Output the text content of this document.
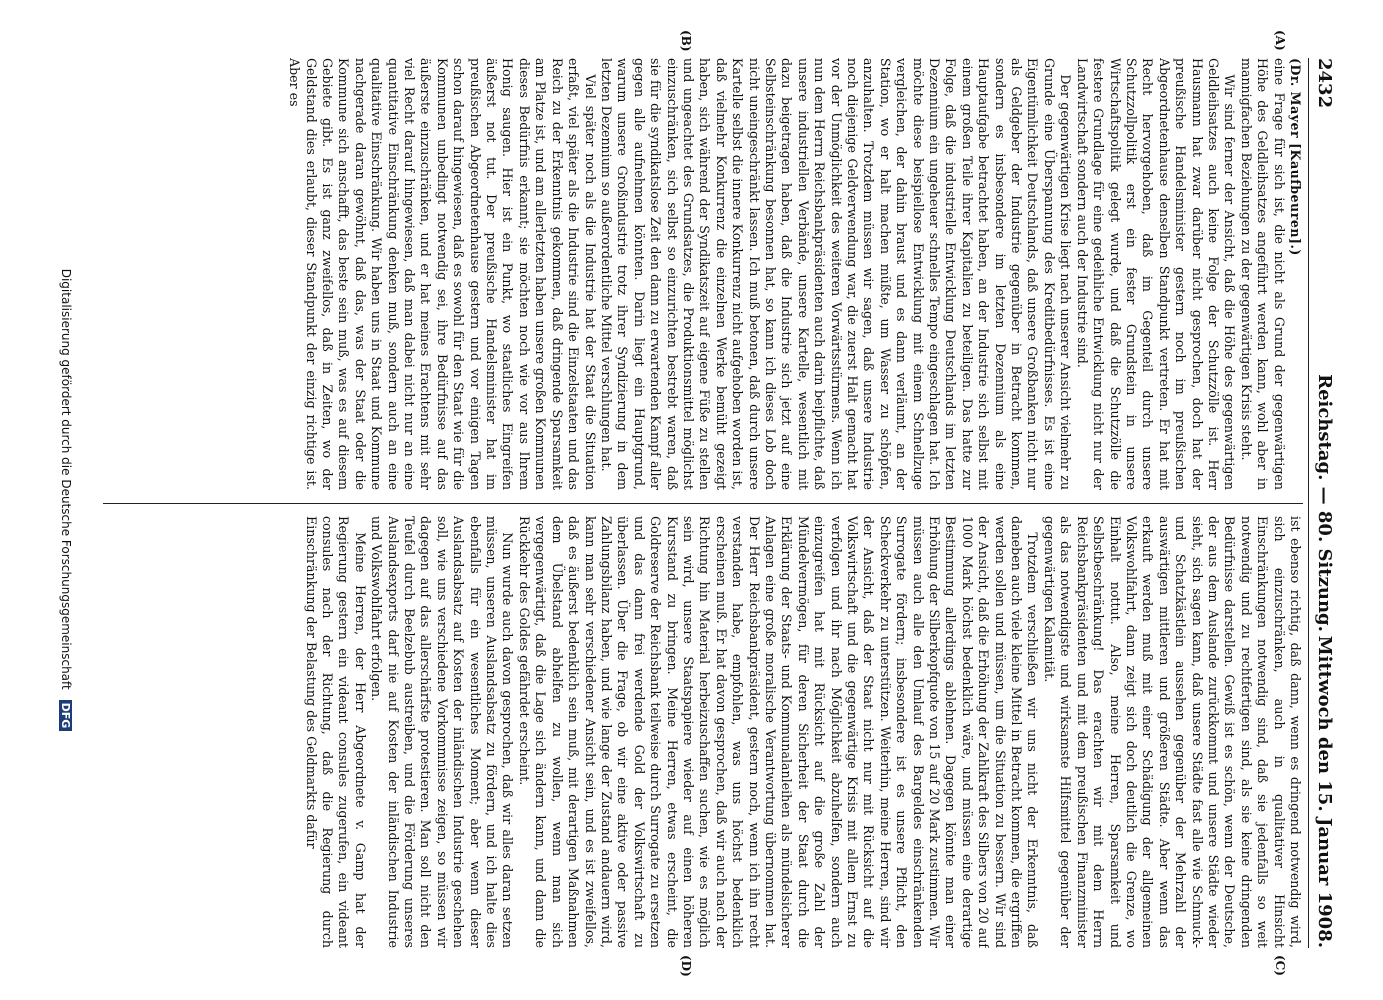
2432
Reichstag. — 80. Sitzung.
Mittwoch den 15. Januar 1908.
(A)
(B)
(C)
(D)

(Dr. Mayer [Kaufbeuren].)

eine Frage für sich ist, die nicht als Grund der gegenwärtigen Höhe des Geldleihsatzes angeführt werden kann, wohl aber in mannigfachen Beziehungen zu der gegenwärtigen Krisis steht.

Wir sind ferner der Ansicht, daß die Höhe des gegenwärtigen Geldleihsatzes auch keine Folge der Schutzzölle ist. Herr Hausmann hat zwar darüber nicht gesprochen, doch hat der preußische Handelsminister gestern noch im preußischen Abgeordnetenhause denselben Standpunkt vertreten. Er hat mit Recht hervorgehoben, daß im Gegenteil durch unsere Schutzzollpolitik erst ein fester Grundstein in unsere Wirtschaftspolitik gelegt wurde, und daß die Schutzzölle die festere Grundlage für eine gedeihliche Entwicklung nicht nur der Landwirtschaft sondern auch der Industrie sind.

Der gegenwärtigen Krise liegt nach unserer Ansicht vielmehr zu Grunde eine Überspannung des Kreditbedürfnisses. Es ist eine Eigentümlichkeit Deutschlands, daß unsere Großbanken nicht nur als Geldgeber der Industrie gegenüber in Betracht kommen, sondern es insbesondere im letzten Dezennium als eine Hauptaufgabe betrachtet haben, an der Industrie sich selbst mit einem großen Teile ihrer Kapitalien zu beteiligen. Das hatte zur Folge, daß die industrielle Entwicklung Deutschlands im letzten Dezennium ein ungeheuer schnelles Tempo eingeschlagen hat. Ich möchte diese beispiellose Entwicklung mit einem Schnellzuge vergleichen, der dahin braust und es dann verläumt, an der Station, wo er halt machen müßte, um Wasser zu schöpfen, anzuhalten. Trotzdem müssen wir sagen, daß unsere Industrie noch diejenige Geldverwendung war, die zuerst Halt gemacht hat vor der Unmöglichkeit des weiteren Vorwärtsstürmens. Wenn ich nun dem Herrn Reichsbankpräsidenten auch darin beipflichte, daß unsere industriellen Verbände, unsere Kartelle, wesentlich mit dazu beigetragen haben, daß die Industrie sich jetzt auf eine Selbsteinschränkung besonnen hat, so kann ich dieses Lob doch nicht uneingeschränkt lassen. Ich muß betonen, daß durch unsere Kartelle selbst die innere Konkurrenz nicht aufgehoben worden ist, daß vielmehr Konkurrenz die einzelnen Werke bemüht gezeigt haben, sich während der Syndikatszeit auf eigene Füße zu stellen und ungeachtet des Grundsatzes, die Produktionsmittel möglichst einzuschränken, sich selbst so einzurichten bestrebt waren, daß sie für die syndikatslose Zeit den dann zu erwartenden Kampf aller gegen alle aufnehmen könnten. Darin liegt ein Hauptgrund, warum unsere Großindustrie trotz ihrer Syndizierung in dem letzten Dezennium so außerordentliche Mittel verschlungen hat.

Viel später noch als die Industrie hat der Staat die Situation erfaßt, viel später als die Industrie sind die Einzelstaaten und das Reich zu der Erkenntnis gekommen, daß dringende Sparsamkeit am Platze ist, und am allerletzten haben unsere großen Kommunen dieses Bedürfnis erkannt; sie möchten noch wie vor aus Ihrem Honig saugen. Hier ist ein Punkt, wo staatliches Eingreifen äußerst not tut. Der preußische Handelsminister hat im preußischen Abgeordnetenhause gestern und vor einigen Tagen schon darauf hingewiesen, daß es sowohl für den Staat wie für die Kommunen unbedingt notwendig sei, ihre Bedürfnisse auf das äußerste einzuschränken, und er hat meines Erachtens mit sehr viel Recht darauf hingewiesen, daß man dabei nicht nur an eine quantitative Einschränkung denken muß, sondern auch an eine qualitative Einschränkung. Wir haben uns in Staat und Kommune nachgerade daran gewöhnt, daß das, was der Staat oder die Kommune sich anschafft, das beste sein muß, was es auf diesem Gebiete gibt. Es ist ganz zweifellos, daß in Zeiten, wo der Geldstand dies erlaubt, dieser Standpunkt der einzig richtige ist. Aber es

ist ebenso richtig, daß dann, wenn es dringend notwendig wird, sich einzuschränken, auch in qualitativer Hinsicht Einschränkungen notwendig sind, daß sie jedenfalls so weit notwendig und zu rechtfertigen sind, als sie keine dringenden Bedürfnisse darstellen. Gewiß ist es schön, wenn der Deutsche, der aus dem Auslande zurückkommt und unsere Städte wieder sieht, sich sagen kann, daß unsere Städte fast alle wie Schmuck- und Schatzkästlein aussehen gegenüber der Mehrzahl der auswärtigen mittleren und größeren Städte. Aber wenn das erkauft werden muß mit einer Schädigung der allgemeinen Volkswohlfahrt, dann zeigt sich doch deutlich die Grenze, wo Einhalt nottut. Also, meine Herren, Sparsamkeit und Selbstbeschränkung! Das erachten wir mit dem Herrn Reichsbankpräsidenten und mit dem preußischen Finanzminister als das notwendigste und wirksamste Hilfsmittel gegenüber der gegenwärtigen Kalamität.

Trotzdem verschließen wir uns nicht der Erkenntnis, daß daneben auch viele kleine Mittel in Betracht kommen, die ergriffen werden sollen und müssen, um die Situation zu bessern. Wir sind der Ansicht, daß die Erhöhung der Zahlkraft des Silbers von 20 auf 1000 Mark höchst bedenklich wäre, und müssen eine derartige Bestimmung allerdings ablehnen. Dagegen könnte man einer Erhöhung der Silberkopfquote von 15 auf 20 Mark zustimmen. Wir müssen auch alle den Umlauf des Bargeldes einschränkenden Surrogate fördern; insbesondere ist es unsere Pflicht, den Scheckverkehr zu unterstützen. Weiterhin, meine Herren, sind wir der Ansicht, daß der Staat nicht nur mit Rücksicht auf die Volkswirtschaft und die gegenwärtige Krisis mit allem Ernst zu verfolgen und ihr nach Möglichkeit abzuhelfen, sondern auch einzugreifen hat mit Rücksicht auf die große Zahl der Mündelvermögen, für deren Sicherheit der Staat durch die Erklärung der Staats- und Kommunalanleihen als mündelsicherer Anlagen eine große moralische Verantwortung übernommen hat. Der Herr Reichsbankpräsident, gestern noch, wenn ich ihn recht verstanden habe, empfohlen, was uns höchst bedenklich erscheinen muß. Er hat davon gesprochen, daß wir auch nach der Richtung hin Material herbeizuschaffen suchen, wie es möglich sein wird, unsere Staatspapiere wieder auf einen höheren Kursstand zu bringen. Meine Herren, etwas erscheint, die Goldreserve der Reichsbank teilweise durch Surrogate zu ersetzen und das dann frei werdende Gold der Volkswirtschaft zu überlassen. Über die Frage, ob wir eine aktive oder passive Zahlungsbilanz haben, und wie lange der Zustand andauern wird, kann man sehr verschiedener Ansicht sein, und es ist zweifellos, daß es äußerst bedenklich sein muß, mit derartigen Maßnahmen dem Übelstand abhelfen zu wollen, wenn man sich vergegenwärtigt, daß die Lage sich ändern kann, und dann die Rückkehr des Goldes gefährdet erscheint.

Nun wurde auch davon gesprochen, daß wir alles daran setzen müssen, unseren Auslandsabsatz zu fördern, und ich halte dies ebenfalls für ein wesentliches Moment; aber wenn dieser Auslandsabsatz auf Kosten der inländischen Industrie geschehen soll, wie uns verschiedene Vorkommnisse zeigen, so müssen wir dagegen auf das allerschärfste protestieren. Man soll nicht den Teufel durch Beelzebub austreiben, und die Förderung unseres Auslandsexports darf nie auf Kosten der inländischen Industrie und Volkswohlfahrt erfolgen.

Meine Herren, der Herr Abgeordnete v. Gamp hat der Regierung gestern ein videant consules zugerufen, ein videant consules nach der Richtung, daß die Regierung durch Einschränkung der Belastung des Geldmarkts dafür

Digitalisierung gefördert durch die Deutsche Forschungsgemeinschaft DFG
